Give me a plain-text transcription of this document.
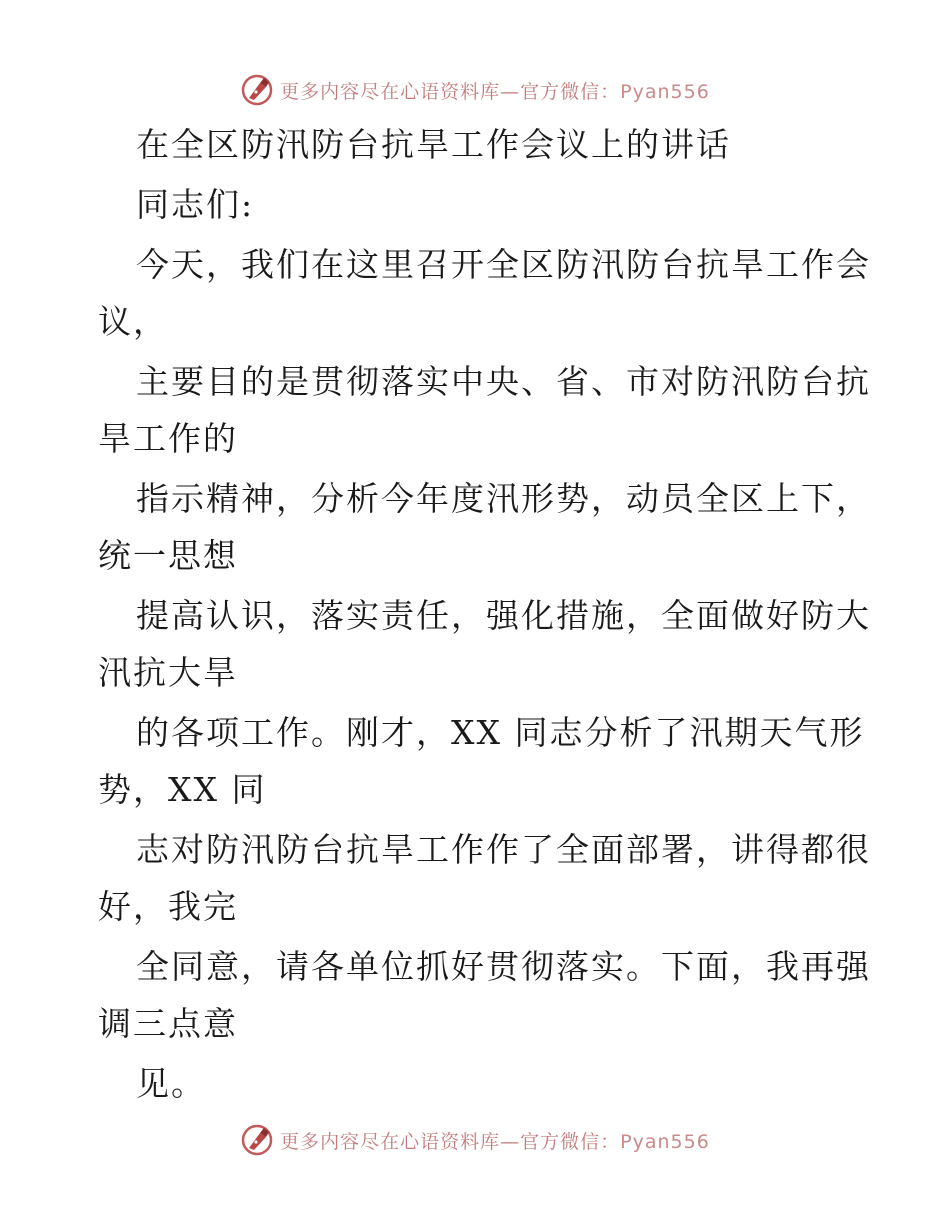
更多内容尽在心语资料库—官方微信：Pyan556
在全区防汛防台抗旱工作会议上的讲话
同志们:
今天，我们在这里召开全区防汛防台抗旱工作会
议，
主要目的是贯彻落实中央、省、市对防汛防台抗
旱工作的
指示精神，分析今年度汛形势，动员全区上下，
统一思想
提高认识，落实责任，强化措施，全面做好防大
汛抗大旱
的各项工作。刚才，XX 同志分析了汛期天气形
势，XX 同
志对防汛防台抗旱工作作了全面部署，讲得都很
好，我完
全同意，请各单位抓好贯彻落实。下面，我再强
调三点意
见。
更多内容尽在心语资料库—官方微信：Pyan556
